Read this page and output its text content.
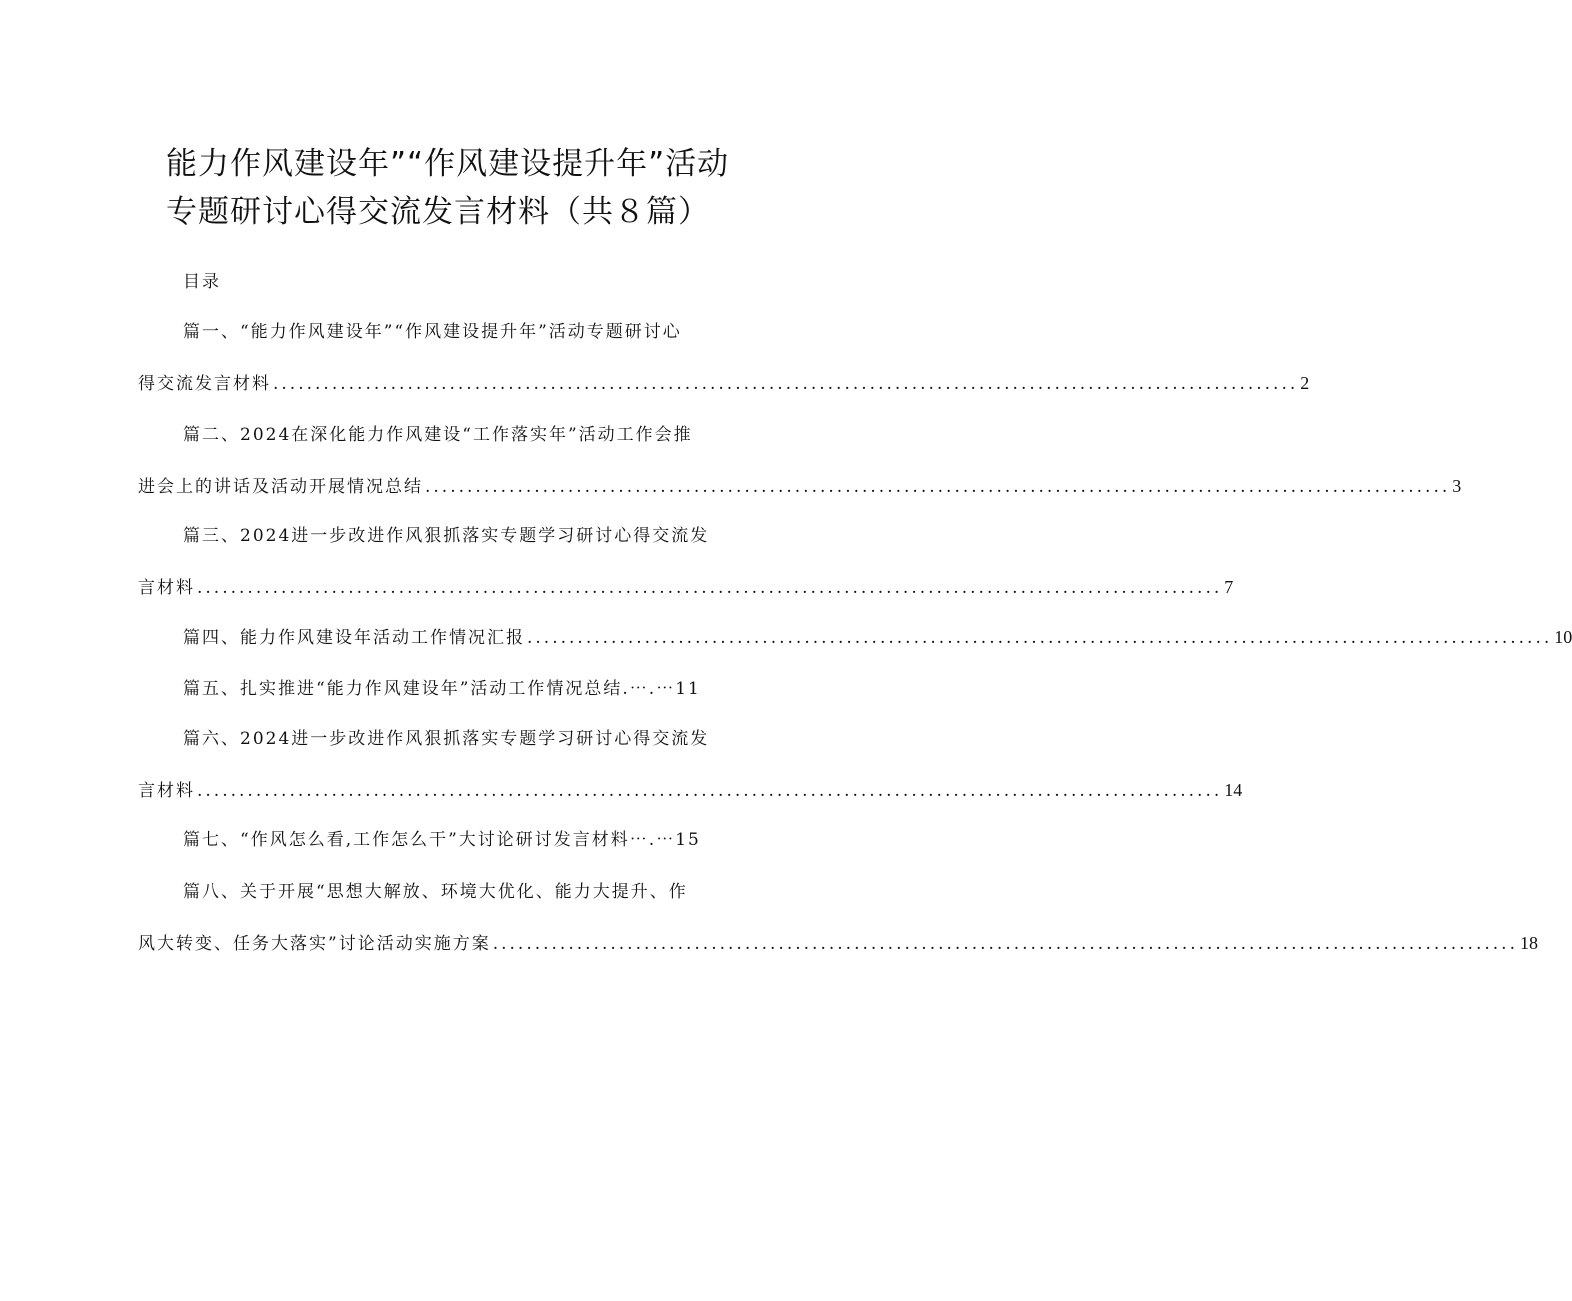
能力作风建设年”“作风建设提升年”活动
专题研讨心得交流发言材料（共８篇）
目录
篇一、“能力作风建设年”“作风建设提升年”活动专题研讨心
得交流发言材料 .......................................................................................................................... 2
篇二、2024在深化能力作风建设“工作落实年”活动工作会推
进会上的讲话及活动开展情况总结 .......................................................................................................................... 3
篇三、2024进一步改进作风狠抓落实专题学习研讨心得交流发
言材料 .......................................................................................................................... 7
篇四、能力作风建设年活动工作情况汇报 .......................................................................................................................... 10
篇五、扎实推进“能力作风建设年”活动工作情况总结.⋯.⋯11
篇六、2024进一步改进作风狠抓落实专题学习研讨心得交流发
言材料 .......................................................................................................................... 14
篇七、“作风怎么看,工作怎么干”大讨论研讨发言材料⋯.⋯15
篇八、关于开展“思想大解放、环境大优化、能力大提升、作
风大转变、任务大落实”讨论活动实施方案 .......................................................................................................................... 18
